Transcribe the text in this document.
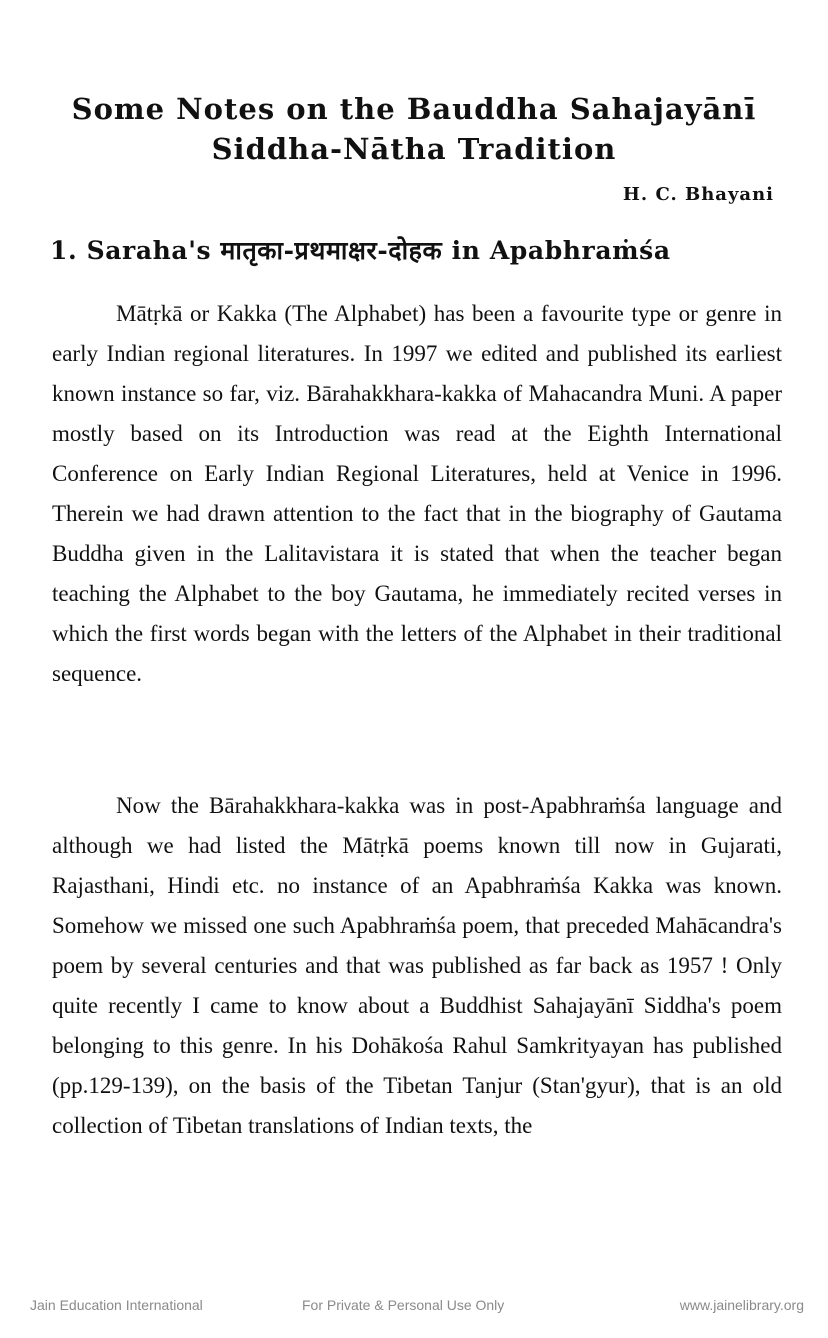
Some Notes on the Bauddha Sahajayānī
Siddha-Nātha Tradition
H. C. Bhayani
1. Saraha's मातृका-प्रथमाक्षर-दोहक in Apabhraṁśa

Mātṛkā or Kakka (The Alphabet) has been a favourite type or genre in early Indian regional literatures. In 1997 we edited and published its earliest known instance so far, viz. Bārahakkhara-kakka of Mahacandra Muni. A paper mostly based on its Introduction was read at the Eighth International Conference on Early Indian Regional Literatures, held at Venice in 1996. Therein we had drawn attention to the fact that in the biography of Gautama Buddha given in the Lalitavistara it is stated that when the teacher began teaching the Alphabet to the boy Gautama, he immediately recited verses in which the first words began with the letters of the Alphabet in their traditional sequence.

Now the Bārahakkhara-kakka was in post-Apabhraṁśa language and although we had listed the Mātṛkā poems known till now in Gujarati, Rajasthani, Hindi etc. no instance of an Apabhraṁśa Kakka was known. Somehow we missed one such Apabhraṁśa poem, that preceded Mahācandra's poem by several centuries and that was published as far back as 1957 ! Only quite recently I came to know about a Buddhist Sahajayānī Siddha's poem belonging to this genre. In his Dohākośa Rahul Samkrityayan has published (pp.129-139), on the basis of the Tibetan Tanjur (Stan'gyur), that is an old collection of Tibetan translations of Indian texts, the

Jain Education International	For Private & Personal Use Only	www.jainelibrary.org
